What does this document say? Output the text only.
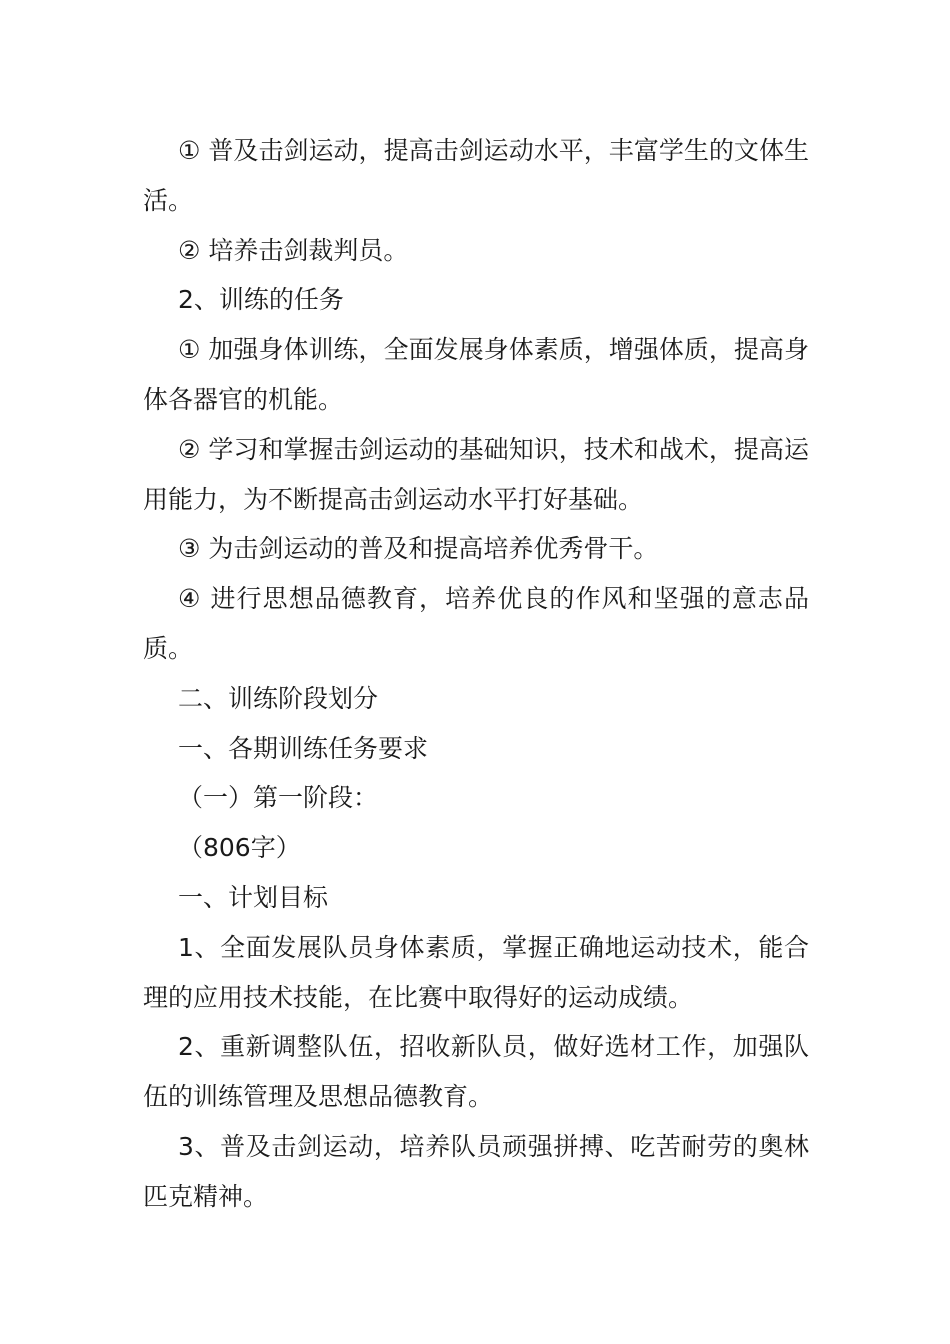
① 普及击剑运动，提高击剑运动水平，丰富学生的文体生活。

② 培养击剑裁判员。

2、训练的任务

① 加强身体训练，全面发展身体素质，增强体质，提高身体各器官的机能。

② 学习和掌握击剑运动的基础知识，技术和战术，提高运用能力，为不断提高击剑运动水平打好基础。

③ 为击剑运动的普及和提高培养优秀骨干。

④ 进行思想品德教育，培养优良的作风和坚强的意志品质。

二、训练阶段划分

一、各期训练任务要求

（一）第一阶段：

（806字）

一、计划目标

1、全面发展队员身体素质，掌握正确地运动技术，能合理的应用技术技能，在比赛中取得好的运动成绩。

2、重新调整队伍，招收新队员，做好选材工作，加强队伍的训练管理及思想品德教育。

3、普及击剑运动，培养队员顽强拼搏、吃苦耐劳的奥林匹克精神。
